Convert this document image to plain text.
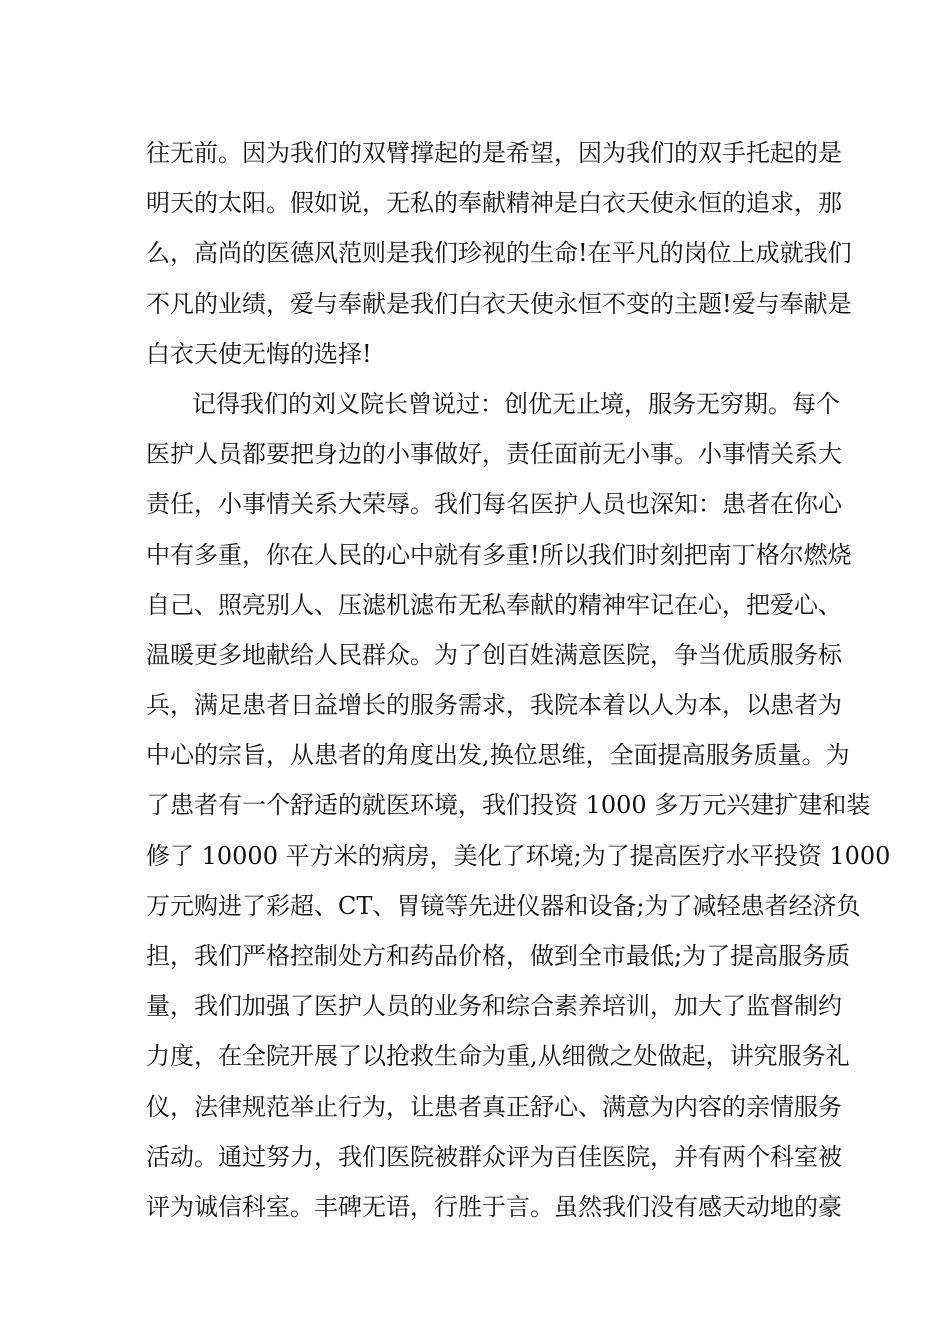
往无前。因为我们的双臂撑起的是希望，因为我们的双手托起的是
明天的太阳。假如说，无私的奉献精神是白衣天使永恒的追求，那
么，高尚的医德风范则是我们珍视的生命!在平凡的岗位上成就我们
不凡的业绩，爱与奉献是我们白衣天使永恒不变的主题!爱与奉献是
白衣天使无悔的选择!
记得我们的刘义院长曾说过：创优无止境，服务无穷期。每个
医护人员都要把身边的小事做好，责任面前无小事。小事情关系大
责任，小事情关系大荣辱。我们每名医护人员也深知：患者在你心
中有多重，你在人民的心中就有多重!所以我们时刻把南丁格尔燃烧
自己、照亮别人、压滤机滤布无私奉献的精神牢记在心，把爱心、
温暖更多地献给人民群众。为了创百姓满意医院，争当优质服务标
兵，满足患者日益增长的服务需求，我院本着以人为本，以患者为
中心的宗旨，从患者的角度出发,换位思维，全面提高服务质量。为
了患者有一个舒适的就医环境，我们投资 1000 多万元兴建扩建和装
修了 10000 平方米的病房，美化了环境;为了提高医疗水平投资 1000
万元购进了彩超、CT、胃镜等先进仪器和设备;为了减轻患者经济负
担，我们严格控制处方和药品价格，做到全市最低;为了提高服务质
量，我们加强了医护人员的业务和综合素养培训，加大了监督制约
力度，在全院开展了以抢救生命为重,从细微之处做起，讲究服务礼
仪，法律规范举止行为，让患者真正舒心、满意为内容的亲情服务
活动。通过努力，我们医院被群众评为百佳医院，并有两个科室被
评为诚信科室。丰碑无语，行胜于言。虽然我们没有感天动地的豪
